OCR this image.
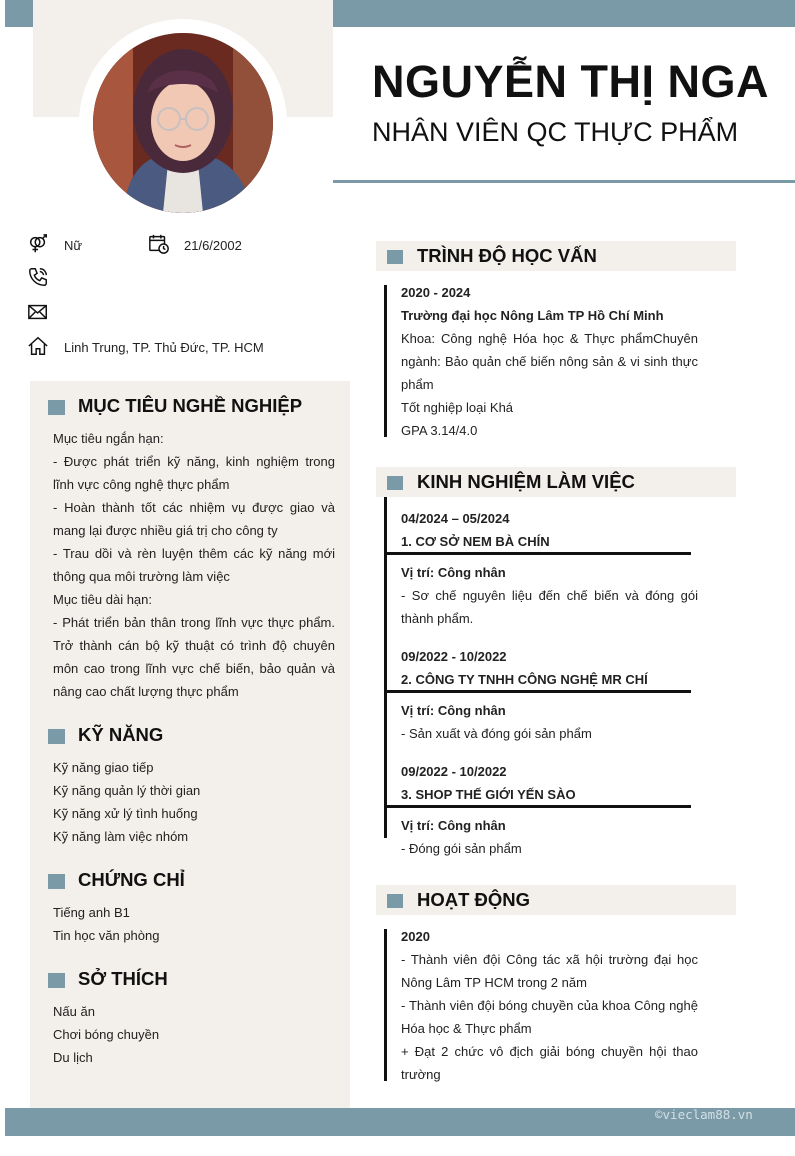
NGUYỄN THỊ NGA
NHÂN VIÊN QC THỰC PHẨM
Nữ	21/6/2002
Linh Trung, TP. Thủ Đức, TP. HCM
MỤC TIÊU NGHỀ NGHIỆP
Mục tiêu ngắn hạn:
- Được phát triển kỹ năng, kinh nghiệm trong lĩnh vực công nghệ thực phẩm
- Hoàn thành tốt các nhiệm vụ được giao và mang lại được nhiều giá trị cho công ty
- Trau dồi và rèn luyện thêm các kỹ năng mới thông qua môi trường làm việc
Mục tiêu dài hạn:
- Phát triển bản thân trong lĩnh vực thực phẩm. Trở thành cán bộ kỹ thuật có trình độ chuyên môn cao trong lĩnh vực chế biến, bảo quản và nâng cao chất lượng thực phẩm
KỸ NĂNG
Kỹ năng giao tiếp
Kỹ năng quản lý thời gian
Kỹ năng xử lý tình huống
Kỹ năng làm việc nhóm
CHỨNG CHỈ
Tiếng anh B1
Tin học văn phòng
SỞ THÍCH
Nấu ăn
Chơi bóng chuyền
Du lịch
TRÌNH ĐỘ HỌC VẤN
2020 - 2024
Trường đại học Nông Lâm TP Hồ Chí Minh
Khoa: Công nghệ Hóa học & Thực phẩmChuyên ngành: Bảo quản chế biến nông sản & vi sinh thực phẩm
Tốt nghiệp loại Khá
GPA 3.14/4.0
KINH NGHIỆM LÀM VIỆC
04/2024 – 05/2024
1. CƠ SỞ NEM BÀ CHÍN
Vị trí: Công nhân
- Sơ chế nguyên liệu đến chế biến và đóng gói thành phẩm.
09/2022 - 10/2022
2. CÔNG TY TNHH CÔNG NGHỆ MR CHÍ
Vị trí: Công nhân
- Sản xuất và đóng gói sản phẩm
09/2022 - 10/2022
3. SHOP THẾ GIỚI YẾN SÀO
Vị trí: Công nhân
- Đóng gói sản phẩm
HOẠT ĐỘNG
2020
- Thành viên đội Công tác xã hội trường đại học Nông Lâm TP HCM trong 2 năm
- Thành viên đội bóng chuyền của khoa Công nghệ Hóa học & Thực phẩm
+ Đạt 2 chức vô địch giải bóng chuyền hội thao trường
©vieclam88.vn
